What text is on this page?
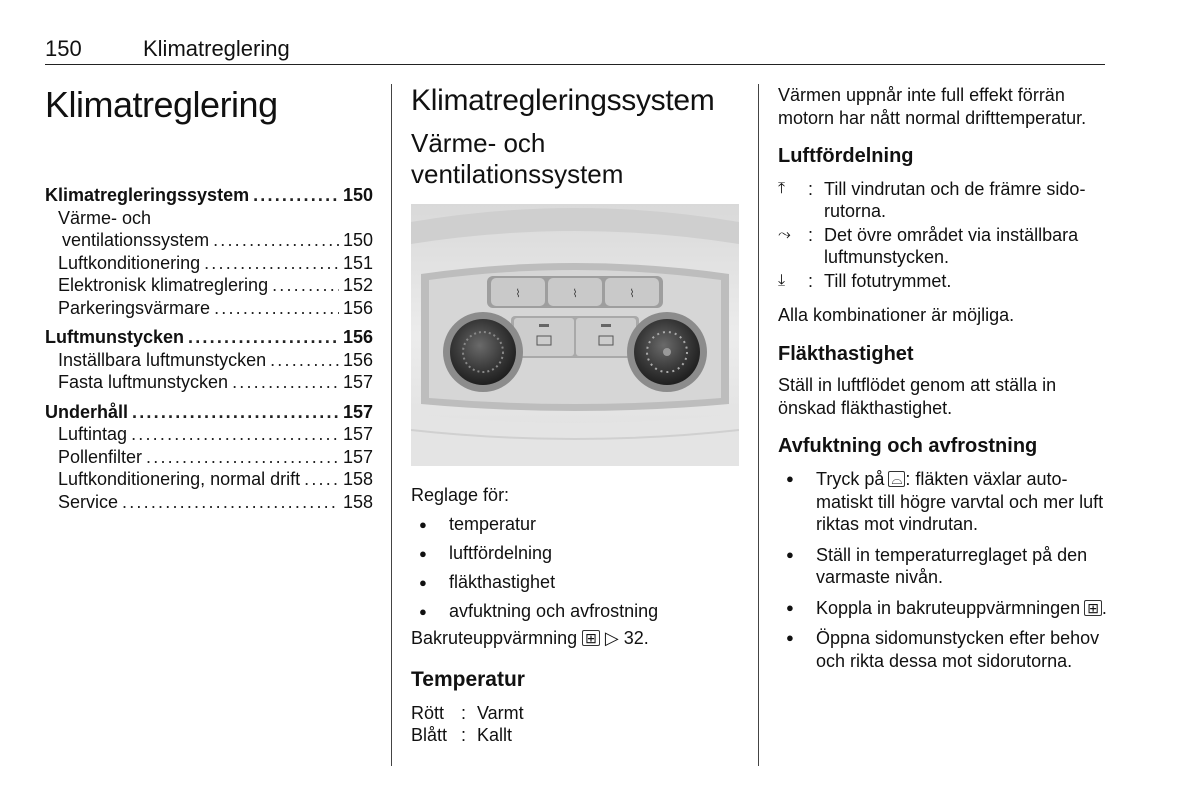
150	Klimatreglering
Klimatreglering
Klimatregleringssystem . . .	150
Värme- och
ventilationssystem . . .	150
Luftkonditionering . . .	151
Elektronisk klimatreglering . . .	152
Parkeringsvärmare . . .	156
Luftmunstycken . . .	156
Inställbara luftmunstycken . . .	156
Fasta luftmunstycken . . .	157
Underhåll . . .	157
Luftintag . . .	157
Pollenfilter . . .	157
Luftkonditionering, normal drift . . . 158
Service . . .	158
Klimatregleringssystem
Värme- och
ventilationssystem
⌇	⌇	⌇

Reglage för:

● temperatur
● luftfördelning
● fläkthastighet
● avfuktning och avfrostning

Bakruteuppvärmning ⊞ ▷ 32.

Temperatur
Rött : Varmt
Blått : Kallt

Värmen uppnår inte full effekt förrän motorn har nått normal drifttemperatur.

Luftfördelning
⤒	: Till vindrutan och de främre sidorutorna.
⤳ : Det övre området via inställbara luftmunstycken.
⤓	: Till fotutrymmet.

Alla kombinationer är möjliga.

Fläkthastighet

Ställ in luftflödet genom att ställa in önskad fläkthastighet.

Avfuktning och avfrostning
● Tryck på ⌓ : fläkten växlar automatiskt till högre varvtal och mer luft riktas mot vindrutan.
● Ställ in temperaturreglaget på den varmaste nivån.
● Koppla in bakrutеuppvärmningen ⊞ .
● Öppna sidomunstycken efter behov och rikta dessa mot sidorutorna.
